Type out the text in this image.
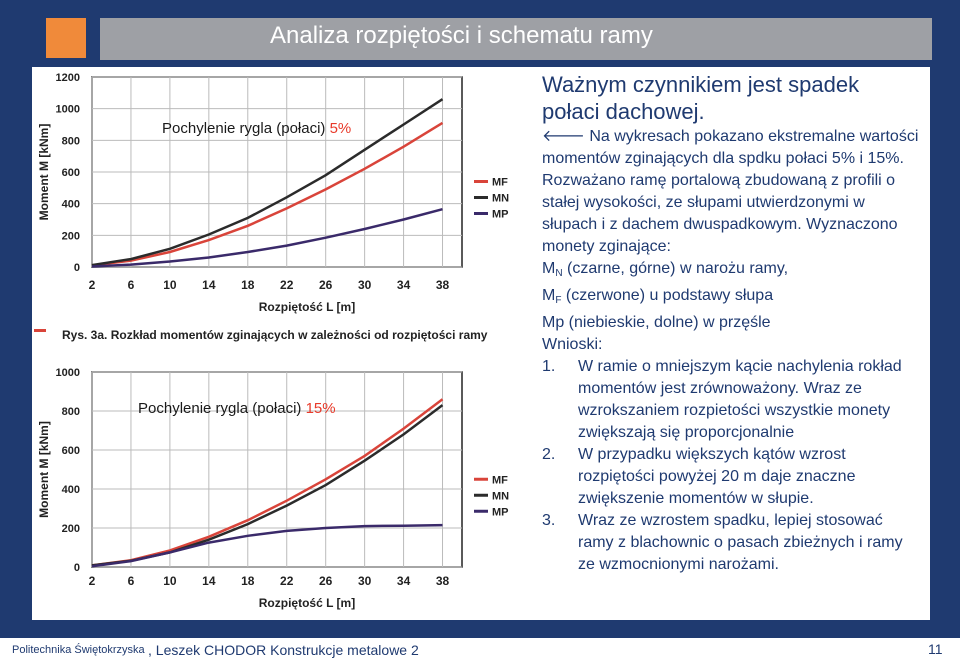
Analiza rozpiętości i schematu ramy
0
200
400
600
800
1000
1200
2	6 10 14 18 22 26 30 34 38
Moment M [kNm]
Rozpiętość L [m]
MF
MN
MP
Rys. 3a. Rozkład momentów zginających w zależności od rozpiętości ramy
0
200
400
600
800
1000
2	6 10 14 18 22 26 30 34 38
Moment M [kNm]
Rozpiętość L [m]
MF
MN
MP
Pochylenie rygla (połaci) 5%
Pochylenie rygla (połaci) 15%

Ważnym czynnikiem jest spadek połaci dachowej.

🡐 Na wykresach pokazano ekstremalne wartości momentów zginających dla spdku połaci 5% i 15%. Rozważano ramę portalową zbudowaną z profili o stałej wysokości, ze słupami utwierdzonymi w słupach i z dachem dwuspadkowym. Wyznaczono monety zginające:

$M_N$ (czarne, górne) w narożu ramy,

$M_F$ (czerwone) u podstawy słupa

Mp (niebieskie, dolne) w przęśle

Wnioski:

1. W ramie o mniejszym kącie nachylenia rokład momentów jest zrównoważony. Wraz ze wzrokszaniem rozpietości wszystkie monety zwiększają się proporcjonalnie
2. W przypadku większych kątów wzrost rozpiętości powyżej 20 m daje znaczne zwiększenie momentów w słupie.
3. Wraz ze wzrostem spadku, lepiej stosować ramy z blachownic o pasach zbieżnych i ramy ze wzmocnionymi narożami.
Politechnika Świętokrzyska , Leszek CHODOR Konstrukcje metalowe 2	11
